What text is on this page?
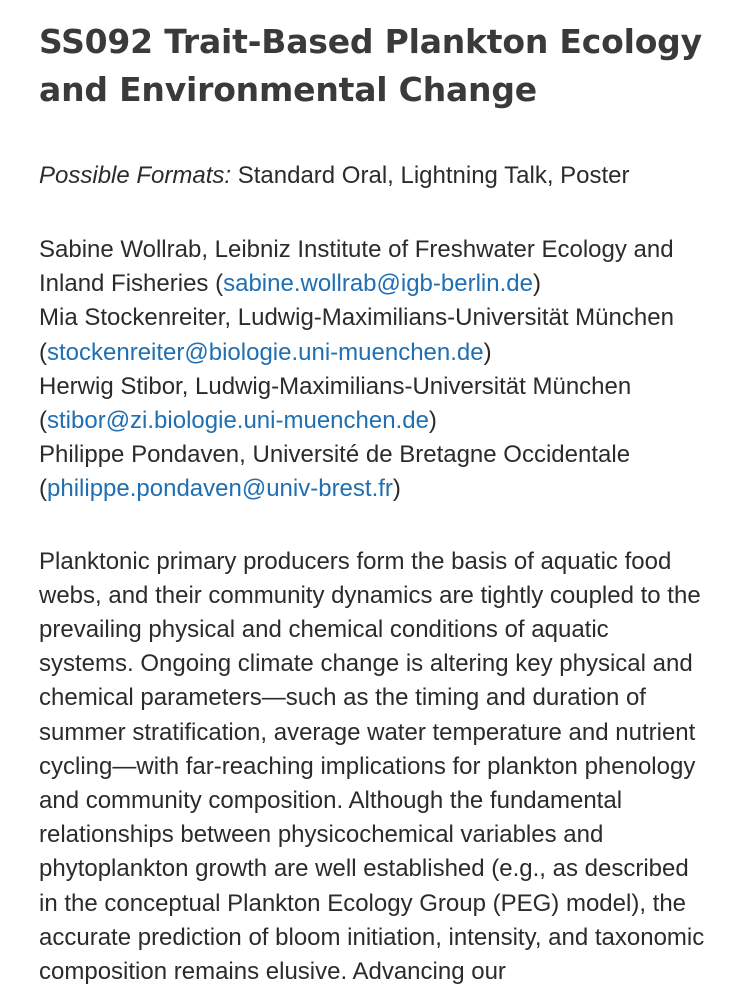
SS092 Trait-Based Plankton Ecology and Environmental Change

Possible Formats: Standard Oral, Lightning Talk, Poster

Sabine Wollrab, Leibniz Institute of Freshwater Ecology and Inland Fisheries (sabine.wollrab@igb-berlin.de)
Mia Stockenreiter, Ludwig-Maximilians-Universität München (stockenreiter@biologie.uni-muenchen.de)
Herwig Stibor, Ludwig-Maximilians-Universität München (stibor@zi.biologie.uni-muenchen.de)
Philippe Pondaven, Université de Bretagne Occidentale (philippe.pondaven@univ-brest.fr)

Planktonic primary producers form the basis of aquatic food webs, and their community dynamics are tightly coupled to the prevailing physical and chemical conditions of aquatic systems. Ongoing climate change is altering key physical and chemical parameters—such as the timing and duration of summer stratification, average water temperature and nutrient cycling—with far-reaching implications for plankton phenology and community composition. Although the fundamental relationships between physicochemical variables and phytoplankton growth are well established (e.g., as described in the conceptual Plankton Ecology Group (PEG) model), the accurate prediction of bloom initiation, intensity, and taxonomic composition remains elusive. Advancing our
